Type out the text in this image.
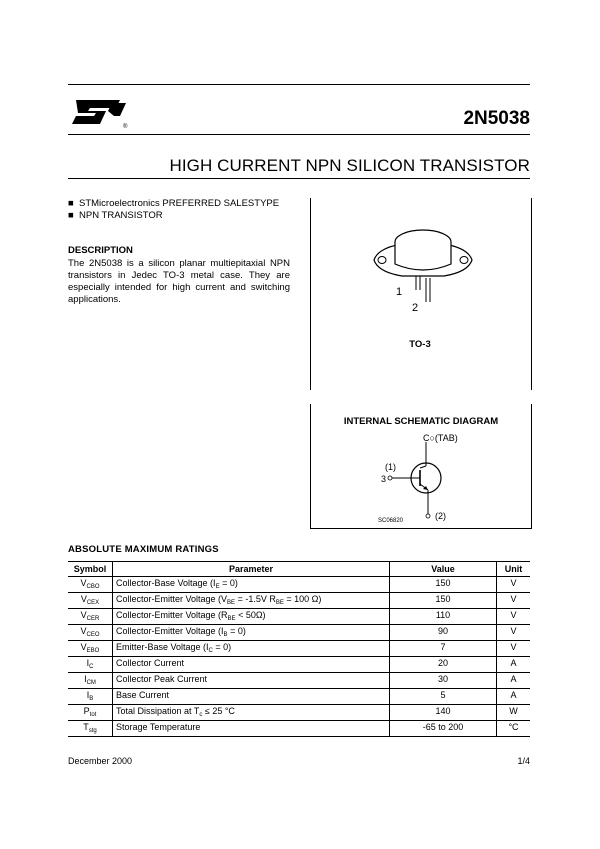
®	2N5038
HIGH CURRENT NPN SILICON TRANSISTOR
■ STMicroelectronics PREFERRED SALESTYPE
■ NPN TRANSISTOR
DESCRIPTION
The 2N5038 is a silicon planar multiepitaxial NPN transistors in Jedec TO-3 metal case. They are especially intended for high current and switching applications.
1
2
TO-3
INTERNAL SCHEMATIC DIAGRAM
C○(TAB)
(1)
3
(2)
SC06820
ABSOLUTE MAXIMUM RATINGS
Symbol	Parameter	Value	Unit
$V_{CBO}$	Collector-Base Voltage $(I_E = 0)$	150	V
$V_{CEX}$	Collector-Emitter Voltage ($V_{BE} = -1.5V$ $R_{BE} = 100$ Ω)	150	V
$V_{CER}$	Collector-Emitter Voltage $(R_{BE} < 50\Omega)$	110	V
$V_{CEO}$	Collector-Emitter Voltage $(I_B = 0)$	90	V
$V_{EBO}$	Emitter-Base Voltage $(I_C = 0)$	7	V
$I_C$	Collector Current	20	A
$I_{CM}$	Collector Peak Current	30	A
$I_B$	Base Current	5	A
$P_{tot}$	Total Dissipation at $T_c \le 25$ °C	140	W
$T_{stg}$	Storage Temperature	-65 to 200	°C
December 2000	1/4
